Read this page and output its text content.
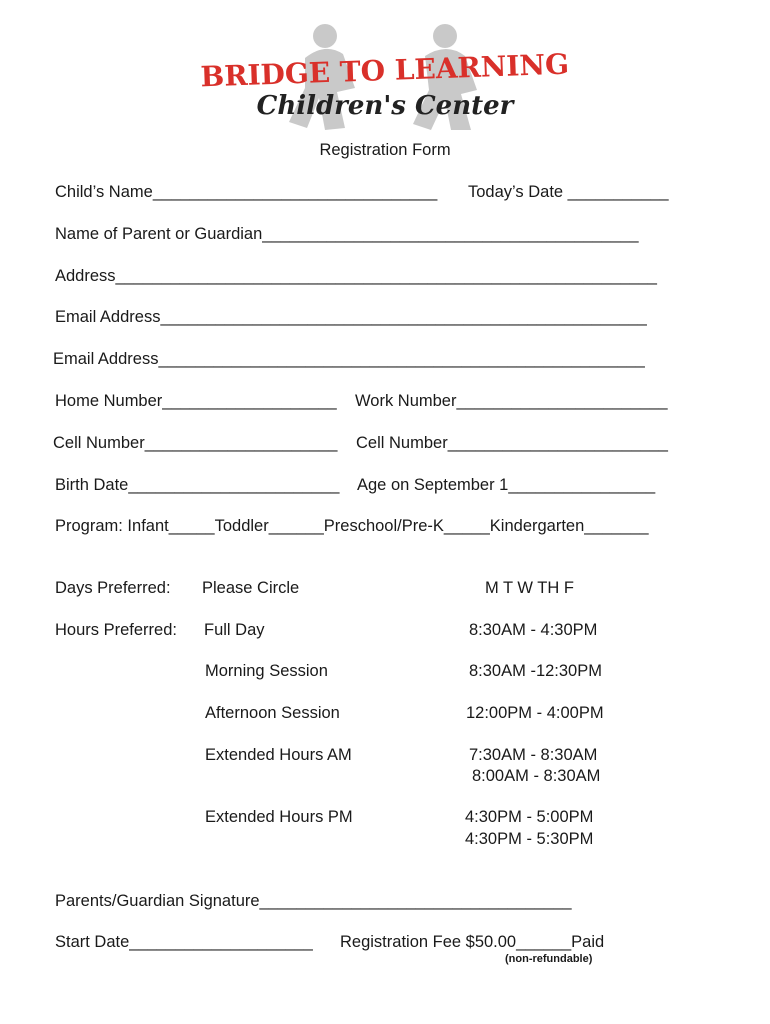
BRIDGE TO LEARNING
Children's Center
Registration Form
Child’s Name_______________________________ Today’s Date ___________
Name of Parent or Guardian_________________________________________
Address___________________________________________________________
Email Address_____________________________________________________
Email Address_____________________________________________________
Home Number___________________ Work Number_______________________
Cell Number_____________________ Cell Number________________________
Birth Date_______________________ Age on September 1________________
Program: Infant_____Toddler______Preschool/Pre-K_____Kindergarten_______
Days Preferred: Please Circle	M T W TH F
Hours Preferred: Full Day	8:30AM - 4:30PM
Morning Session	8:30AM -12:30PM
Afternoon Session	12:00PM - 4:00PM
Extended Hours AM	7:30AM - 8:30AM
8:00AM - 8:30AM
Extended Hours PM	4:30PM - 5:00PM
4:30PM - 5:30PM
Parents/Guardian Signature__________________________________
Start Date____________________ Registration Fee $50.00______Paid
(non-refundable)
